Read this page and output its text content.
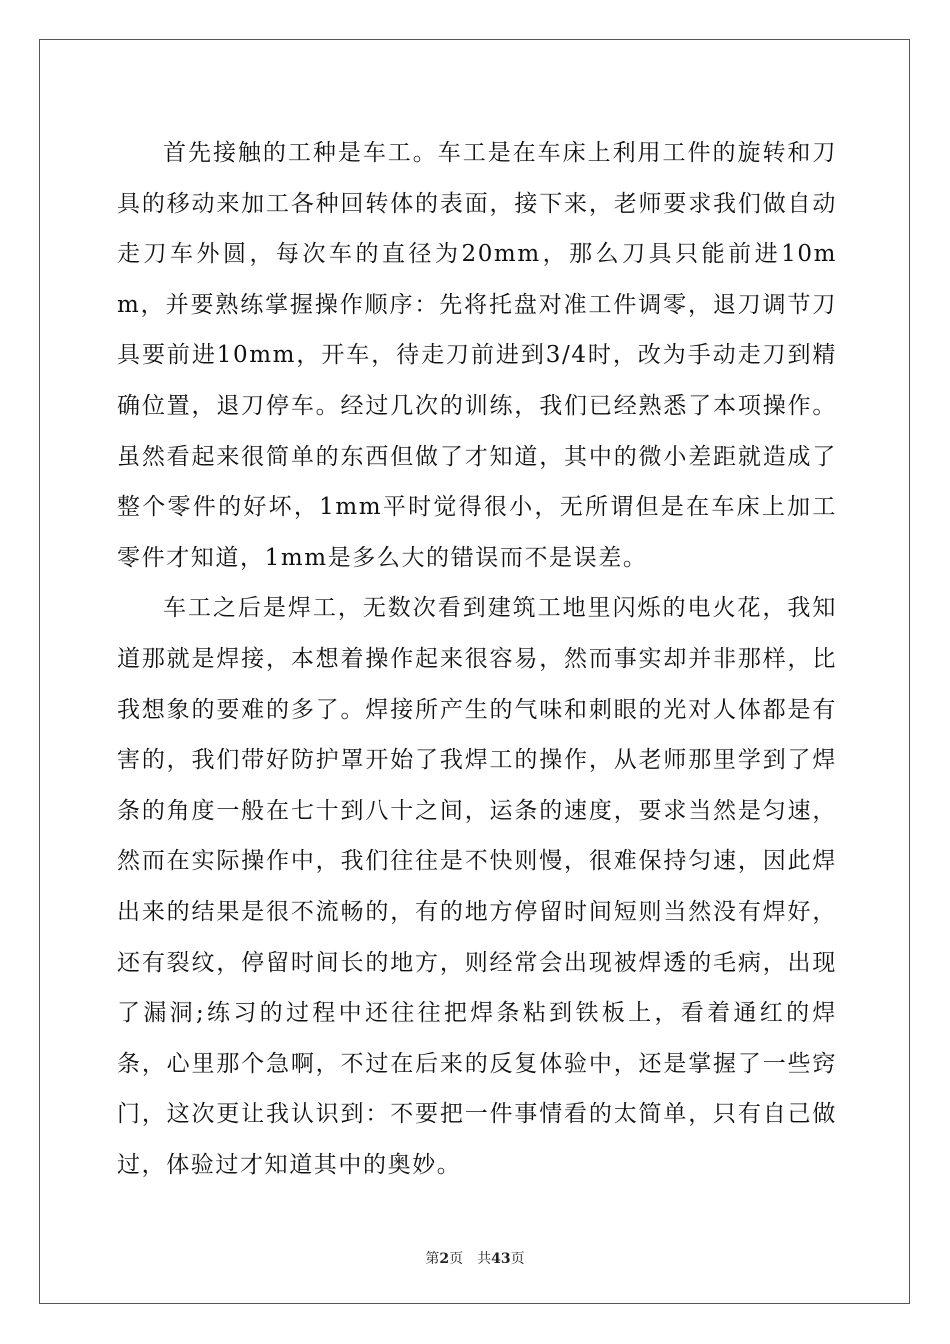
首先接触的工种是车工。车工是在车床上利用工件的旋转和刀具的移动来加工各种回转体的表面，接下来，老师要求我们做自动走刀车外圆，每次车的直径为20mm，那么刀具只能前进10mm，并要熟练掌握操作顺序：先将托盘对准工件调零，退刀调节刀具要前进10mm，开车，待走刀前进到3/4时，改为手动走刀到精确位置，退刀停车。经过几次的训练，我们已经熟悉了本项操作。虽然看起来很简单的东西但做了才知道，其中的微小差距就造成了整个零件的好坏，1mm平时觉得很小，无所谓但是在车床上加工零件才知道，1mm是多么大的错误而不是误差。

车工之后是焊工，无数次看到建筑工地里闪烁的电火花，我知道那就是焊接，本想着操作起来很容易，然而事实却并非那样，比我想象的要难的多了。焊接所产生的气味和刺眼的光对人体都是有害的，我们带好防护罩开始了我焊工的操作，从老师那里学到了焊条的角度一般在七十到八十之间，运条的速度，要求当然是匀速，然而在实际操作中，我们往往是不快则慢，很难保持匀速，因此焊出来的结果是很不流畅的，有的地方停留时间短则当然没有焊好，还有裂纹，停留时间长的地方，则经常会出现被焊透的毛病，出现了漏洞;练习的过程中还往往把焊条粘到铁板上，看着通红的焊条，心里那个急啊，不过在后来的反复体验中，还是掌握了一些窍门，这次更让我认识到：不要把一件事情看的太简单，只有自己做过，体验过才知道其中的奥妙。

第2页 共43页
